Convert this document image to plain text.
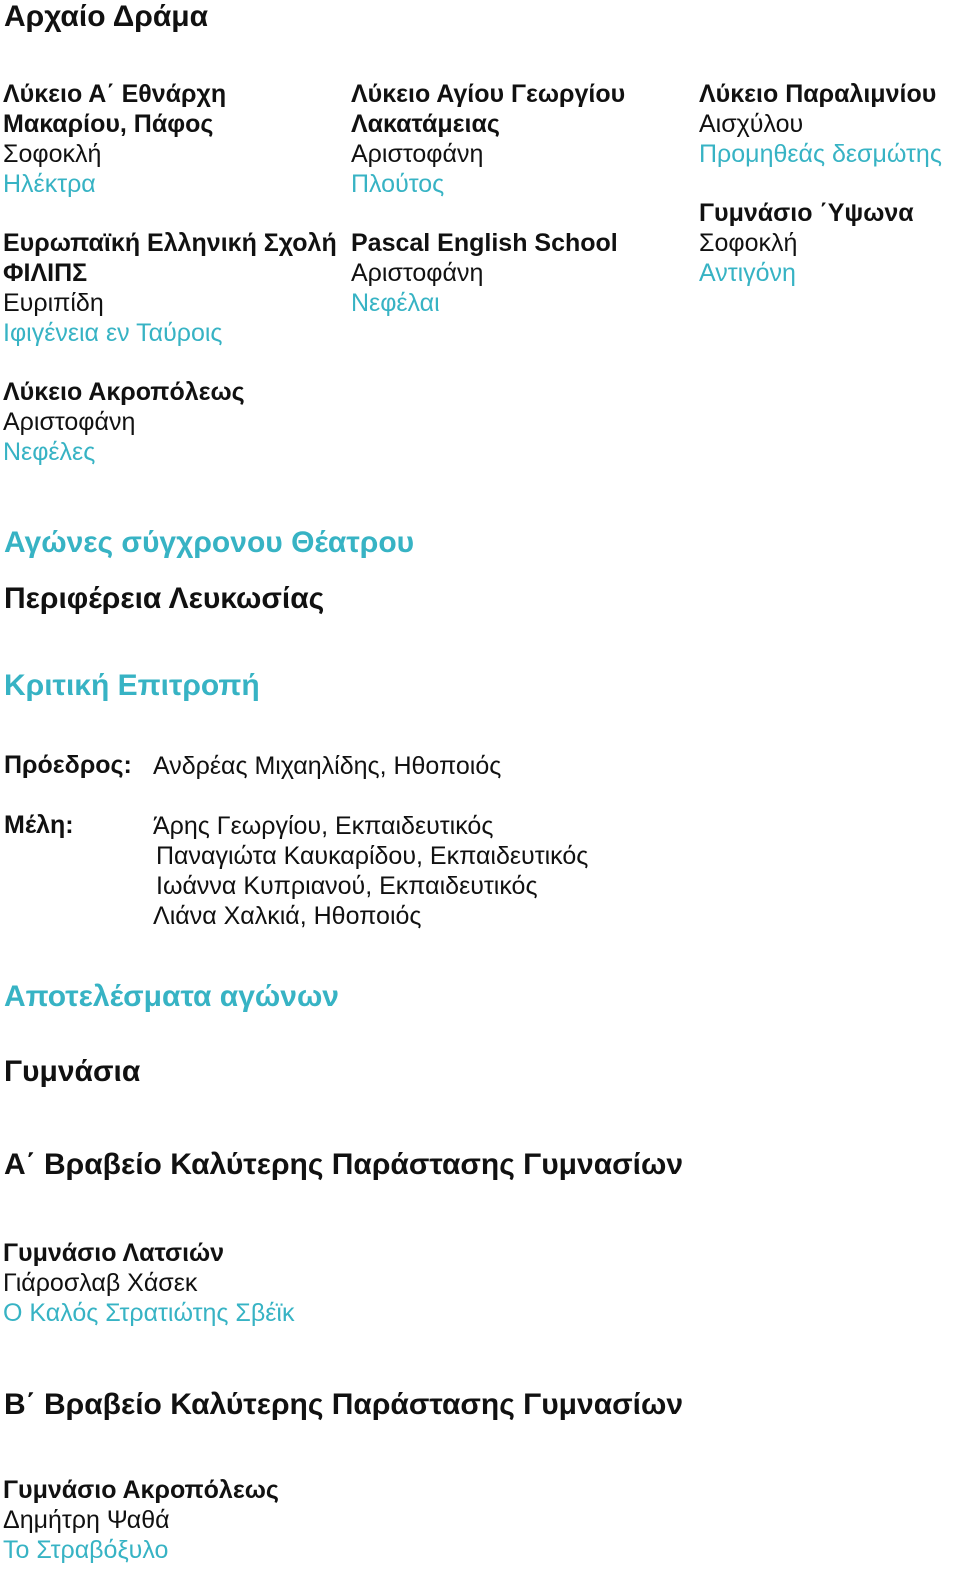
Αρχαίο Δράμα
Λύκειο Α΄ Εθνάρχη Μακαρίου, Πάφος
Σοφοκλή
Ηλέκτρα
Ευρωπαϊκή Ελληνική Σχολή ΦΙΛΙΠΣ
Ευριπίδη
Ιφιγένεια εν Ταύροις
Λύκειο Ακροπόλεως
Αριστοφάνη
Νεφέλες
Λύκειο Αγίου Γεωργίου Λακατάμειας
Αριστοφάνη
Πλούτος
Pascal English School
Αριστοφάνη
Νεφέλαι
Λύκειο Παραλιμνίου
Αισχύλου
Προμηθεάς δεσμώτης
Γυμνάσιο ΄Υψωνα
Σοφοκλή
Αντιγόνη
Αγώνες σύγχρονου Θέατρου
Περιφέρεια Λευκωσίας
Κριτική Επιτροπή
Πρόεδρος: Ανδρέας Μιχαηλίδης, Ηθοποιός
Μέλη:	Άρης Γεωργίου, Εκπαιδευτικός
Παναγιώτα Καυκαρίδου, Εκπαιδευτικός
Ιωάννα Κυπριανού, Εκπαιδευτικός
Λιάνα Χαλκιά, Ηθοποιός
Αποτελέσματα αγώνων
Γυμνάσια
Α΄ Βραβείο Καλύτερης Παράστασης Γυμνασίων
Γυμνάσιο Λατσιών
Γιάροσλαβ Χάσεκ
Ο Καλός Στρατιώτης Σβέϊκ
Β΄ Βραβείο Καλύτερης Παράστασης Γυμνασίων
Γυμνάσιο Ακροπόλεως
Δημήτρη Ψαθά
Το Στραβόξυλο
